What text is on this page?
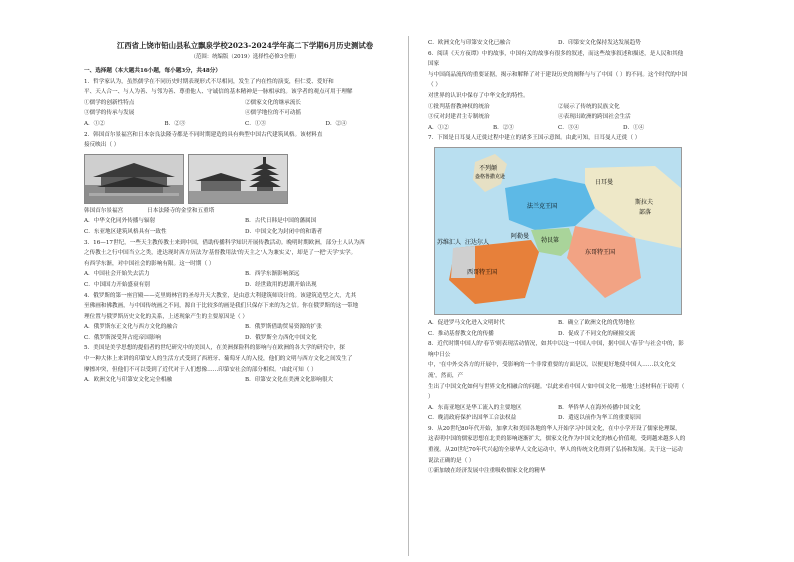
江西省上饶市铅山县私立飘泉学校2023-2024学年高二下学期6月历史测试卷
（范围：统编版（2019）选择性必修3全册）
一、选择题（本大题共16小题，每小题3分，共48分）

1．哲学家认为，虽然儒学在不同历史时期表现形式不尽相同，发生了内在性的演变，但仁爱、爱好和

平、天人合一、与人为善、与邻为善、尊重他人、守诚信的基本精神是一脉相承的。该学者的观点可用于理解

①儒学的创新性特点	②儒家文化的继承流长
③儒学的传承与发展	④儒学地位的不可动摇
A．①②	B．②③	C．①③	D．②④

2．韩国首尔景福宫和日本奈良法隆寺都是不同时期建造的具有典型中国古代建筑风格。该材料直

接反映出（ ）

韩国首尔景福宫	日本法隆寺的金堂和五重塔
A．中华文化同外传播与辐射	B．古代日韩是中国的藩属国
C．东亚地区建筑风格具有一致性	D．中国文化为封闭中的和谐者

3．16—17世纪，一些天主教传教士来到中国，借助传播科学知识开展传教活动。晚明时期欧洲，部分士人认为西

之传教士之行中国当立之类，进达现时西方历法为'基督教用法'的天主之'人为兼实义'，却是了一把'天学'实学。

有西学东渐，对中国社会的影响有限。这一时期（ ）

A．中国社会开始失去活力	B．西学东渐影响深远
C．中国国力开始盛衰有别	D．经世致用的思潮开始出现

4．俄罗斯的第一座宫殿——克里姆林宫的圣母升天大教堂，是由意大利建筑师设计的。该建筑造型之大，尤其

至佛画和佛教画，与中国传统画之不同，源自于比较多的画是我们只保存下来的为之信。你在俄罗斯的这一带地

理位置与俄罗斯历史文化的关系，上述现象产生的主要原因是（ ）

A．俄罗斯东正文化与西方文化的融合	B．俄罗斯借助贸易资源的扩张
C．俄罗斯深受拜占庭帝国影响	D．俄罗斯全力西化中国文化

5．美国是美学思想的提倡者的世纪研究中的美国人，在美洲探险科的影响与在欧洲的各大学的研究中，探

中一种大体上来讲的印第安人的生活方式受到了西班牙、葡萄牙人的入侵，他们的文明与西方文化之间发生了

摩擦冲突，但他们不可以受到了近代对于人们想像……印第安社会的部分相似。'由此可知（ ）

A．欧洲文化与印第安文化完全相融	B．印第安文化在美洲文化影响很大
C．欧洲文化与印第安文化已融合	D．印第安文化保持发达发展趋势

6．阅读《天方夜谭》中的故事，中国有关的故事有很多的叙述，而这些故事叙述和描述，是人民和其他国家

与中国商品流传的重要证据，揭示和解释了对于建设历史的阐释与与了中国（ ）的不同。这个时代的中国（ ）

对世界的认识中保存了中华文化的特性。

①批判基督教神权的统治	②展示了传统的民族文化
③反对封建君主专制统治	④表现出欧洲的跨国社会生活
A．①②	B．②③	C．③④	D．①④

7．下图是日耳曼人迁徙过程中建立的诸多王国示意图。由此可知，日耳曼人迁徙（ ）

不列颠
盎格鲁撒克逊
法兰克王国
日耳曼
勃艮第
东哥特王国
阿勒曼
西哥特王国
苏维汇人 汪达尔人
斯拉夫
部落
A．促进罗马文化进入文明时代	B．确立了欧洲文化的优势地位
C．推动基督教文化的传播	D．促成了不同文化的碰撞交流

8．近代时期中国人的'春节'则表现活动情况，如其中以这一中国人中国，据中国人'春节'与社会中的，影响中日公

中，'在中外交各方的开展中，受影响的一个非常重要的方面是以，以便更好地使中国人……以文化交流'，然而，产

生出了中国文化如何与世界文化相融合的问题。'以此来看中国人'如中国文化一般地'上述材料在于说明（ ）

A．东南亚地区是华工流入的主要地区	B．华侨华人在海外传播中国文化
C．晚清政府保护出国华工合法权益	D．遣返以前作为华工的重要原因

9．从20世纪80年代开始，加拿大和美国各地的华人开始学习中国文化，在中小学开设了儒家伦理课，

这表明中国的儒家思想在北美的影响逐渐扩大，儒家文化作为中国文化的核心价值观，受到越来越多人的

重视。从20世纪70年代兴起的全球华人文化运动中，华人的传统文化得到了弘扬和发展。关于这一运动说法正确的是（ ）

①新加坡在经济发展中注重吸收儒家文化的精华
